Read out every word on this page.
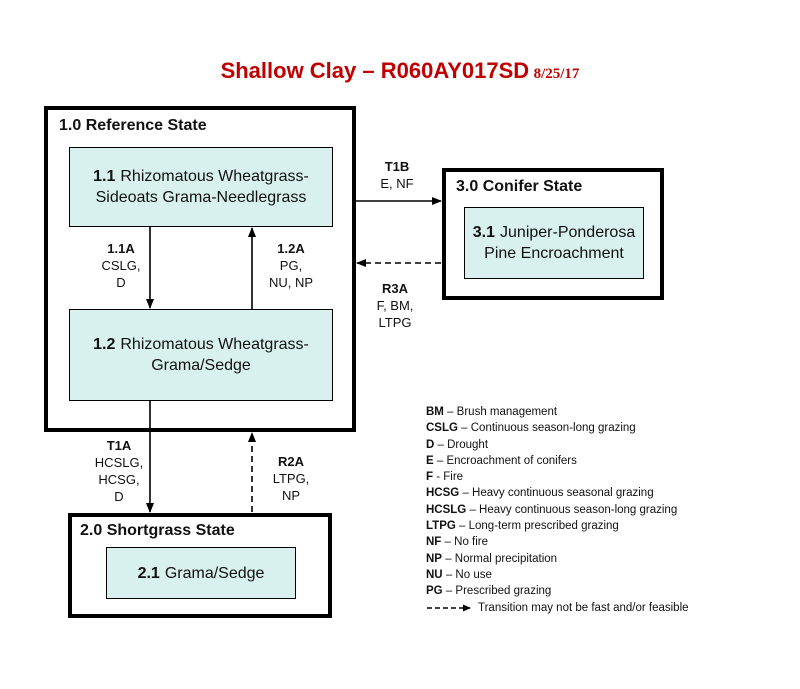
Shallow Clay – R060AY017SD 8/25/17
1.0 Reference State
1.1 Rhizomatous Wheatgrass-Sideoats Grama-Needlegrass
1.2 Rhizomatous Wheatgrass-Grama/Sedge
2.0 Shortgrass State
2.1 Grama/Sedge
3.0 Conifer State
3.1 Juniper-Ponderosa Pine Encroachment
1.1A
CSLG,
D
1.2A
PG,
NU, NP
T1A
HCSLG,
HCSG,
D
R2A
LTPG,
NP
T1B
E, NF
R3A
F, BM,
LTPG
BM – Brush management
CSLG – Continuous season-long grazing
D – Drought
E – Encroachment of conifers
F - Fire
HCSG – Heavy continuous seasonal grazing
HCSLG – Heavy continuous season-long grazing
LTPG – Long-term prescribed grazing
NF – No fire
NP – Normal precipitation
NU – No use
PG – Prescribed grazing
Transition may not be fast and/or feasible
